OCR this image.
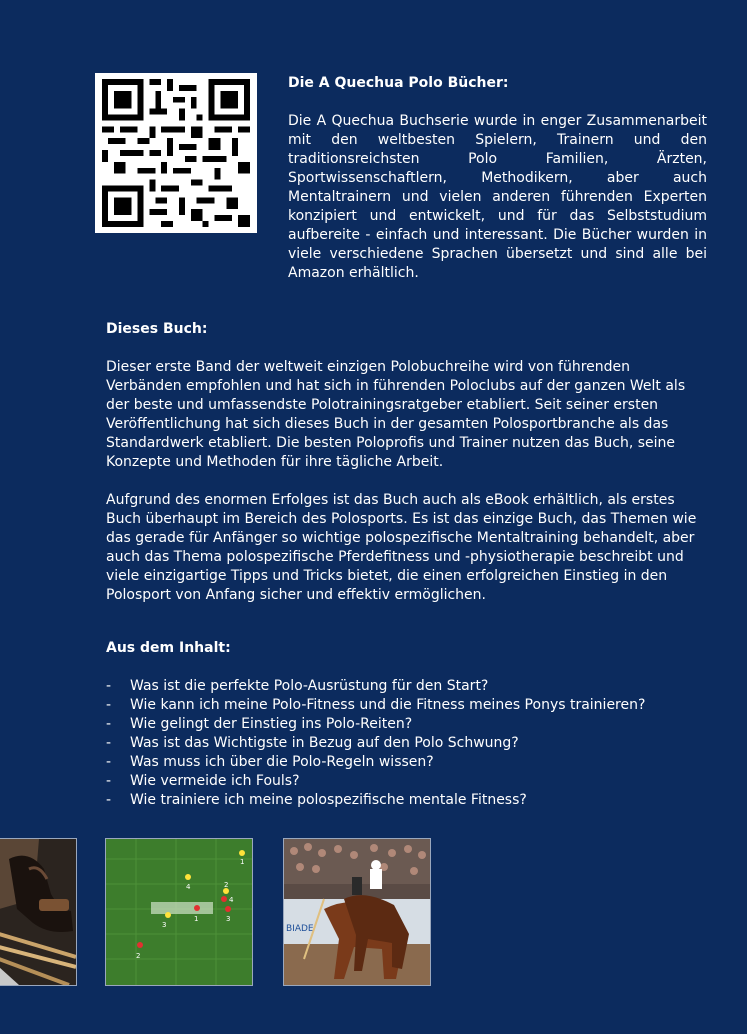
Die A Quechua Polo Bücher:

Die A Quechua Buchserie wurde in enger Zusammenarbeit mit den weltbesten Spielern, Trainern und den traditionsreichsten Polo Familien, Ärzten, Sportwissenschaftlern, Methodikern, aber auch Mentaltrainern und vielen anderen führenden Experten konzipiert und entwickelt, und für das Selbststudium aufbereite - einfach und interessant. Die Bücher wurden in viele verschiedene Sprachen übersetzt und sind alle bei Amazon erhältlich.

Dieses Buch:

Dieser erste Band der weltweit einzigen Polobuchreihe wird von führenden Verbänden empfohlen und hat sich in führenden Poloclubs auf der ganzen Welt als der beste und umfassendste Polotrainingsratgeber etabliert. Seit seiner ersten Veröffentlichung hat sich dieses Buch in der gesamten Polosportbranche als das Standardwerk etabliert. Die besten Poloprofis und Trainer nutzen das Buch, seine Konzepte und Methoden für ihre tägliche Arbeit.

Aufgrund des enormen Erfolges ist das Buch auch als eBook erhältlich, als erstes Buch überhaupt im Bereich des Polosports. Es ist das einzige Buch, das Themen wie das gerade für Anfänger so wichtige polospezifische Mentaltraining behandelt, aber auch das Thema polospezifische Pferdefitness und -physiotherapie beschreibt und viele einzigartige Tipps und Tricks bietet, die einen erfolgreichen Einstieg in den Polosport von Anfang sicher und effektiv ermöglichen.

Aus dem Inhalt:
- Was ist die perfekte Polo-Ausrüstung für den Start?
- Wie kann ich meine Polo-Fitness und die Fitness meines Ponys trainieren?
- Wie gelingt der Einstieg ins Polo-Reiten?
- Was ist das Wichtigste in Bezug auf den Polo Schwung?
- Was muss ich über die Polo-Regeln wissen?
- Wie vermeide ich Fouls?
- Wie trainiere ich meine polospezifische mentale Fitness?
1
4	2
3
1	3
4
2
BIADE
